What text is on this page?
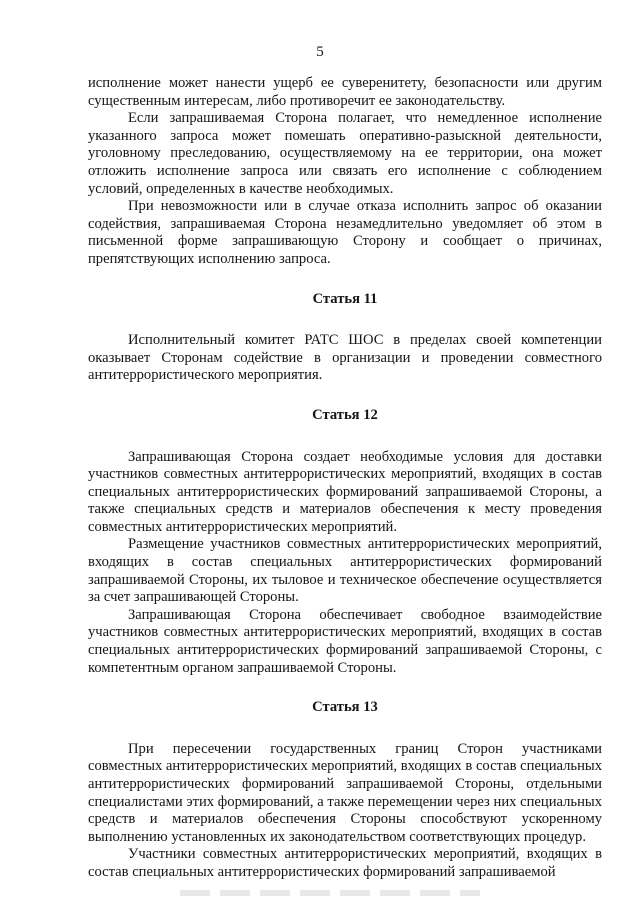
5

исполнение может нанести ущерб ее суверенитету, безопасности или другим существенным интересам, либо противоречит ее законодательству.

Если запрашиваемая Сторона полагает, что немедленное исполнение указанного запроса может помешать оперативно-разыскной деятельности, уголовному преследованию, осуществляемому на ее территории, она может отложить исполнение запроса или связать его исполнение с соблюдением условий, определенных в качестве необходимых.

При невозможности или в случае отказа исполнить запрос об оказании содействия, запрашиваемая Сторона незамедлительно уведомляет об этом в письменной форме запрашивающую Сторону и сообщает о причинах, препятствующих исполнению запроса.

Статья 11

Исполнительный комитет РАТС ШОС в пределах своей компетенции оказывает Сторонам содействие в организации и проведении совместного антитеррористического мероприятия.

Статья 12

Запрашивающая Сторона создает необходимые условия для доставки участников совместных антитеррористических мероприятий, входящих в состав специальных антитеррористических формирований запрашиваемой Стороны, а также специальных средств и материалов обеспечения к месту проведения совместных антитеррористических мероприятий.

Размещение участников совместных антитеррористических мероприятий, входящих в состав специальных антитеррористических формирований запрашиваемой Стороны, их тыловое и техническое обеспечение осуществляется за счет запрашивающей Стороны.

Запрашивающая Сторона обеспечивает свободное взаимодействие участников совместных антитеррористических мероприятий, входящих в состав специальных антитеррористических формирований запрашиваемой Стороны, с компетентным органом запрашиваемой Стороны.

Статья 13

При пересечении государственных границ Сторон участниками совместных антитеррористических мероприятий, входящих в состав специальных антитеррористических формирований запрашиваемой Стороны, отдельными специалистами этих формирований, а также перемещении через них специальных средств и материалов обеспечения Стороны способствуют ускоренному выполнению установленных их законодательством соответствующих процедур.

Участники совместных антитеррористических мероприятий, входящих в состав специальных антитеррористических формирований запрашиваемой
